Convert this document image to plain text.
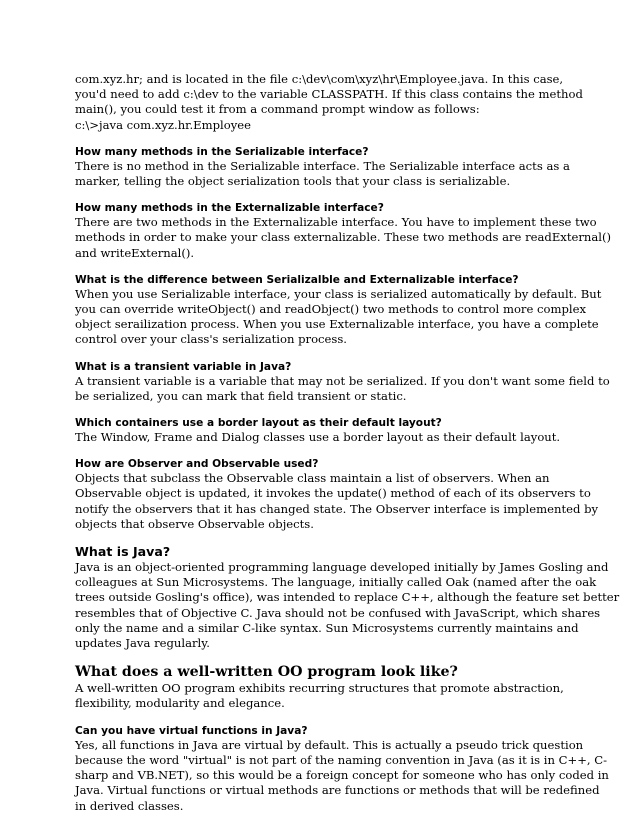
com.xyz.hr; and is located in the file c:\dev\com\xyz\hr\Employee.java. In this case,

you'd need to add c:\dev to the variable CLASSPATH. If this class contains the method

main(), you could test it from a command prompt window as follows:

c:\>java com.xyz.hr.Employee

How many methods in the Serializable interface?

There is no method in the Serializable interface. The Serializable interface acts as a
marker, telling the object serialization tools that your class is serializable.

How many methods in the Externalizable interface?

There are two methods in the Externalizable interface. You have to implement these two
methods in order to make your class externalizable. These two methods are readExternal()
and writeExternal().

What is the difference between Serializalble and Externalizable interface?

When you use Serializable interface, your class is serialized automatically by default. But
you can override writeObject() and readObject() two methods to control more complex
object serailization process. When you use Externalizable interface, you have a complete
control over your class's serialization process.

What is a transient variable in Java?

A transient variable is a variable that may not be serialized. If you don't want some field to
be serialized, you can mark that field transient or static.

Which containers use a border layout as their default layout?

The Window, Frame and Dialog classes use a border layout as their default layout.

How are Observer and Observable used?

Objects that subclass the Observable class maintain a list of observers. When an
Observable object is updated, it invokes the update() method of each of its observers to
notify the observers that it has changed state. The Observer interface is implemented by
objects that observe Observable objects.

What is Java?

Java is an object-oriented programming language developed initially by James Gosling and
colleagues at Sun Microsystems. The language, initially called Oak (named after the oak
trees outside Gosling's office), was intended to replace C++, although the feature set better
resembles that of Objective C. Java should not be confused with JavaScript, which shares
only the name and a similar C-like syntax. Sun Microsystems currently maintains and
updates Java regularly.

What does a well-written OO program look like?

A well-written OO program exhibits recurring structures that promote abstraction,
flexibility, modularity and elegance.

Can you have virtual functions in Java?

Yes, all functions in Java are virtual by default. This is actually a pseudo trick question
because the word "virtual" is not part of the naming convention in Java (as it is in C++, C-
sharp and VB.NET), so this would be a foreign concept for someone who has only coded in
Java. Virtual functions or virtual methods are functions or methods that will be redefined
in derived classes.
